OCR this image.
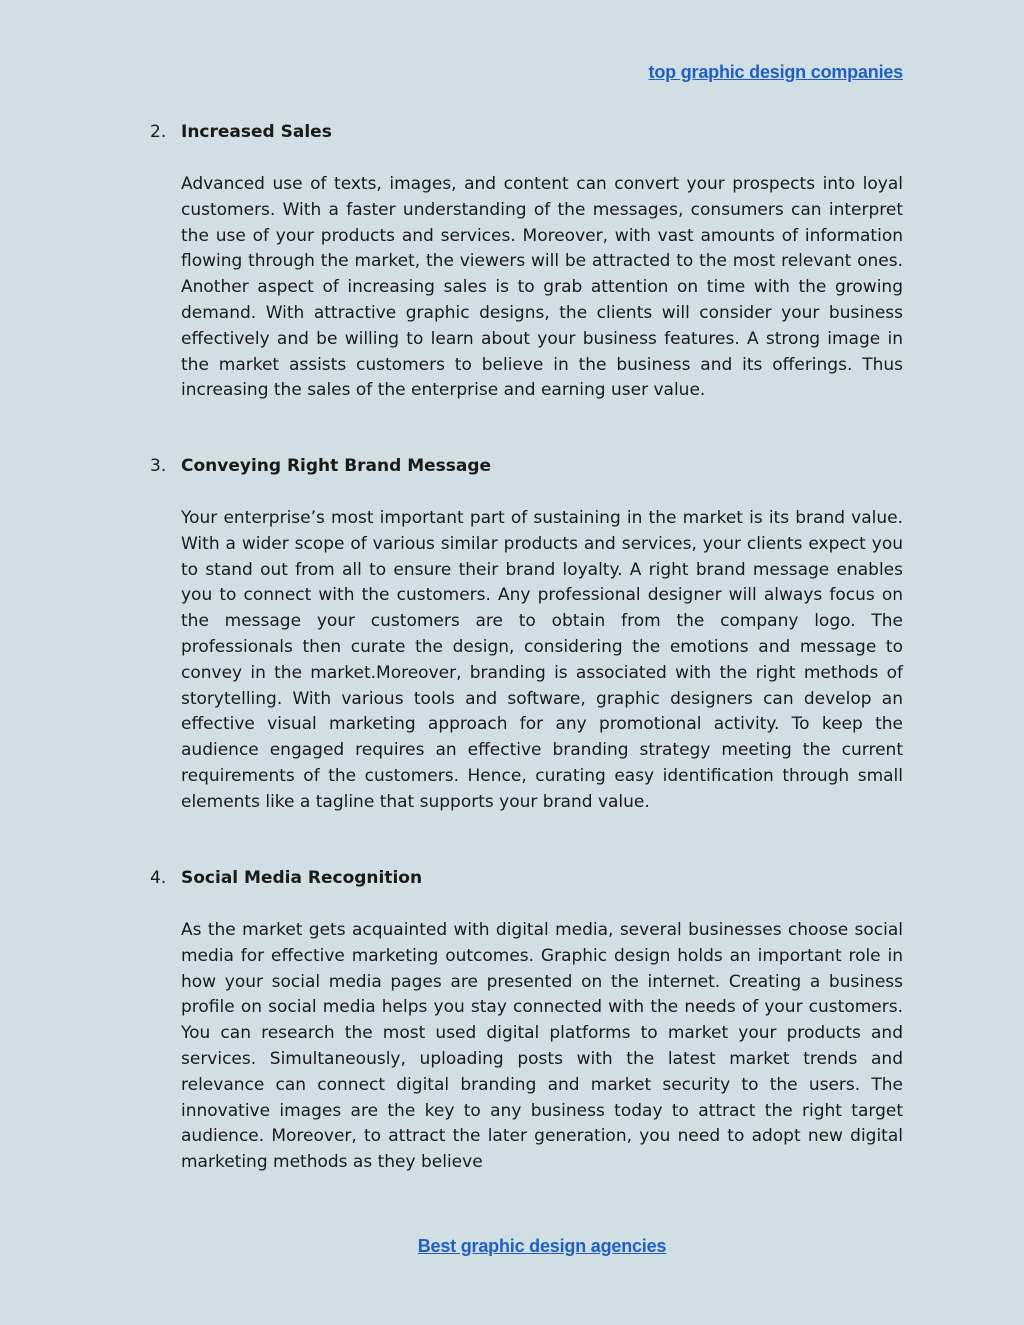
top graphic design companies
2. Increased Sales
Advanced use of texts, images, and content can convert your prospects into loyal customers. With a faster understanding of the messages, consumers can interpret the use of your products and services. Moreover, with vast amounts of information flowing through the market, the viewers will be attracted to the most relevant ones. Another aspect of increasing sales is to grab attention on time with the growing demand. With attractive graphic designs, the clients will consider your business effectively and be willing to learn about your business features. A strong image in the market assists customers to believe in the business and its offerings. Thus increasing the sales of the enterprise and earning user value.
3. Conveying Right Brand Message
Your enterprise’s most important part of sustaining in the market is its brand value. With a wider scope of various similar products and services, your clients expect you to stand out from all to ensure their brand loyalty. A right brand message enables you to connect with the customers. Any professional designer will always focus on the message your customers are to obtain from the company logo. The professionals then curate the design, considering the emotions and message to convey in the market.Moreover, branding is associated with the right methods of storytelling. With various tools and software, graphic designers can develop an effective visual marketing approach for any promotional activity. To keep the audience engaged requires an effective branding strategy meeting the current requirements of the customers. Hence, curating easy identification through small elements like a tagline that supports your brand value.
4. Social Media Recognition
As the market gets acquainted with digital media, several businesses choose social media for effective marketing outcomes. Graphic design holds an important role in how your social media pages are presented on the internet. Creating a business profile on social media helps you stay connected with the needs of your customers. You can research the most used digital platforms to market your products and services. Simultaneously, uploading posts with the latest market trends and relevance can connect digital branding and market security to the users. The innovative images are the key to any business today to attract the right target audience. Moreover, to attract the later generation, you need to adopt new digital marketing methods as they believe
Best graphic design agencies
